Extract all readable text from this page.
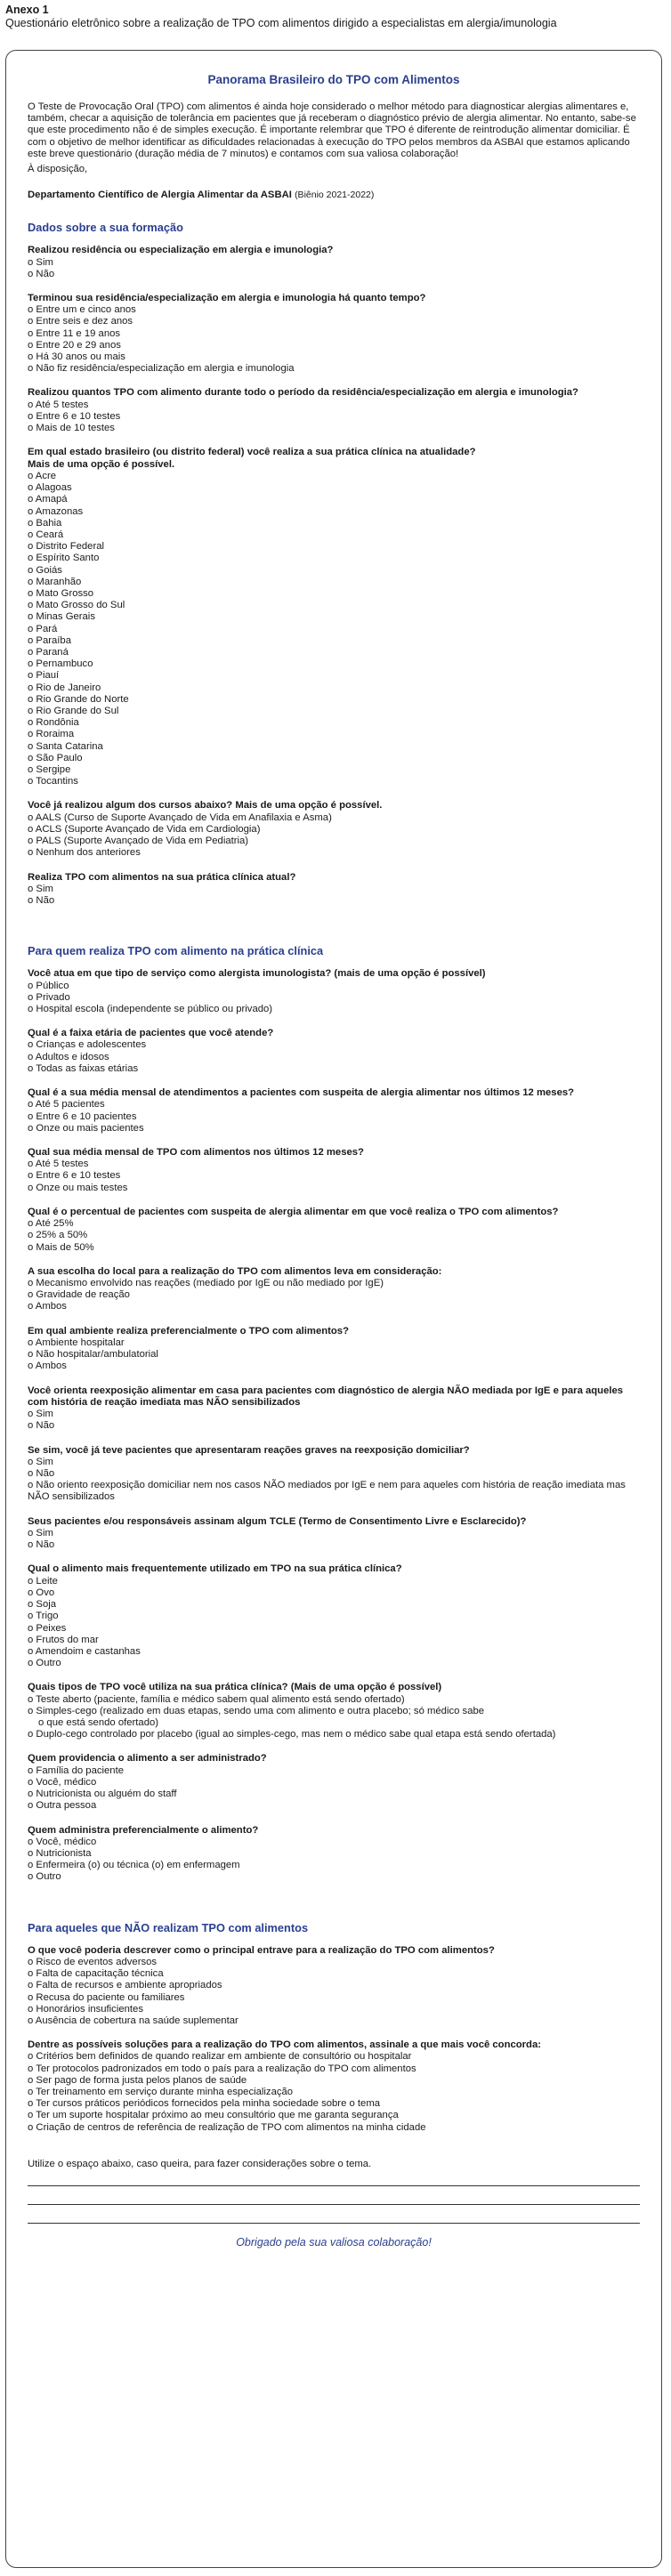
Anexo 1
Questionário eletrônico sobre a realização de TPO com alimentos dirigido a especialistas em alergia/imunologia
Panorama Brasileiro do TPO com Alimentos

O Teste de Provocação Oral (TPO) com alimentos é ainda hoje considerado o melhor método para diagnosticar alergias alimentares e, também, checar a aquisição de tolerância em pacientes que já receberam o diagnóstico prévio de alergia alimentar. No entanto, sabe-se que este procedimento não é de simples execução. É importante relembrar que TPO é diferente de reintrodução alimentar domiciliar. É com o objetivo de melhor identificar as dificuldades relacionadas à execução do TPO pelos membros da ASBAI que estamos aplicando este breve questionário (duração média de 7 minutos) e contamos com sua valiosa colaboração!

À disposição,

Departamento Científico de Alergia Alimentar da ASBAI (Biênio 2021-2022)
Dados sobre a sua formação
Realizou residência ou especialização em alergia e imunologia?
o Sim
o Não
Terminou sua residência/especialização em alergia e imunologia há quanto tempo?
o Entre um e cinco anos
o Entre seis e dez anos
o Entre 11 e 19 anos
o Entre 20 e 29 anos
o Há 30 anos ou mais
o Não fiz residência/especialização em alergia e imunologia
Realizou quantos TPO com alimento durante todo o período da residência/especialização em alergia e imunologia?
o Até 5 testes
o Entre 6 e 10 testes
o Mais de 10 testes
Em qual estado brasileiro (ou distrito federal) você realiza a sua prática clínica na atualidade?
Mais de uma opção é possível.
o Acre
o Alagoas
o Amapá
o Amazonas
o Bahia
o Ceará
o Distrito Federal
o Espírito Santo
o Goiás
o Maranhão
o Mato Grosso
o Mato Grosso do Sul
o Minas Gerais
o Pará
o Paraíba
o Paraná
o Pernambuco
o Piauí
o Rio de Janeiro
o Rio Grande do Norte
o Rio Grande do Sul
o Rondônia
o Roraima
o Santa Catarina
o São Paulo
o Sergipe
o Tocantins
Você já realizou algum dos cursos abaixo? Mais de uma opção é possível.
o AALS (Curso de Suporte Avançado de Vida em Anafilaxia e Asma)
o ACLS (Suporte Avançado de Vida em Cardiologia)
o PALS (Suporte Avançado de Vida em Pediatria)
o Nenhum dos anteriores
Realiza TPO com alimentos na sua prática clínica atual?
o Sim
o Não
Para quem realiza TPO com alimento na prática clínica
Você atua em que tipo de serviço como alergista imunologista? (mais de uma opção é possível)
o Público
o Privado
o Hospital escola (independente se público ou privado)
Qual é a faixa etária de pacientes que você atende?
o Crianças e adolescentes
o Adultos e idosos
o Todas as faixas etárias
Qual é a sua média mensal de atendimentos a pacientes com suspeita de alergia alimentar nos últimos 12 meses?
o Até 5 pacientes
o Entre 6 e 10 pacientes
o Onze ou mais pacientes
Qual sua média mensal de TPO com alimentos nos últimos 12 meses?
o Até 5 testes
o Entre 6 e 10 testes
o Onze ou mais testes
Qual é o percentual de pacientes com suspeita de alergia alimentar em que você realiza o TPO com alimentos?
o Até 25%
o 25% a 50%
o Mais de 50%
A sua escolha do local para a realização do TPO com alimentos leva em consideração:
o Mecanismo envolvido nas reações (mediado por IgE ou não mediado por IgE)
o Gravidade de reação
o Ambos
Em qual ambiente realiza preferencialmente o TPO com alimentos?
o Ambiente hospitalar
o Não hospitalar/ambulatorial
o Ambos
Você orienta reexposição alimentar em casa para pacientes com diagnóstico de alergia NÃO mediada por IgE e para aqueles com história de reação imediata mas NÃO sensibilizados
o Sim
o Não
Se sim, você já teve pacientes que apresentaram reações graves na reexposição domiciliar?
o Sim
o Não
o Não oriento reexposição domiciliar nem nos casos NÃO mediados por IgE e nem para aqueles com história de reação imediata mas NÃO sensibilizados
Seus pacientes e/ou responsáveis assinam algum TCLE (Termo de Consentimento Livre e Esclarecido)?
o Sim
o Não
Qual o alimento mais frequentemente utilizado em TPO na sua prática clínica?
o Leite
o Ovo
o Soja
o Trigo
o Peixes
o Frutos do mar
o Amendoim e castanhas
o Outro
Quais tipos de TPO você utiliza na sua prática clínica? (Mais de uma opção é possível)
o Teste aberto (paciente, família e médico sabem qual alimento está sendo ofertado)
o Simples-cego (realizado em duas etapas, sendo uma com alimento e outra placebo; só médico sabe
o que está sendo ofertado)
o Duplo-cego controlado por placebo (igual ao simples-cego, mas nem o médico sabe qual etapa está sendo ofertada)
Quem providencia o alimento a ser administrado?
o Família do paciente
o Você, médico
o Nutricionista ou alguém do staff
o Outra pessoa
Quem administra preferencialmente o alimento?
o Você, médico
o Nutricionista
o Enfermeira (o) ou técnica (o) em enfermagem
o Outro
Para aqueles que NÃO realizam TPO com alimentos
O que você poderia descrever como o principal entrave para a realização do TPO com alimentos?
o Risco de eventos adversos
o Falta de capacitação técnica
o Falta de recursos e ambiente apropriados
o Recusa do paciente ou familiares
o Honorários insuficientes
o Ausência de cobertura na saúde suplementar
Dentre as possíveis soluções para a realização do TPO com alimentos, assinale a que mais você concorda:
o Critérios bem definidos de quando realizar em ambiente de consultório ou hospitalar
o Ter protocolos padronizados em todo o país para a realização do TPO com alimentos
o Ser pago de forma justa pelos planos de saúde
o Ter treinamento em serviço durante minha especialização
o Ter cursos práticos periódicos fornecidos pela minha sociedade sobre o tema
o Ter um suporte hospitalar próximo ao meu consultório que me garanta segurança
o Criação de centros de referência de realização de TPO com alimentos na minha cidade
Utilize o espaço abaixo, caso queira, para fazer considerações sobre o tema.
Obrigado pela sua valiosa colaboração!
